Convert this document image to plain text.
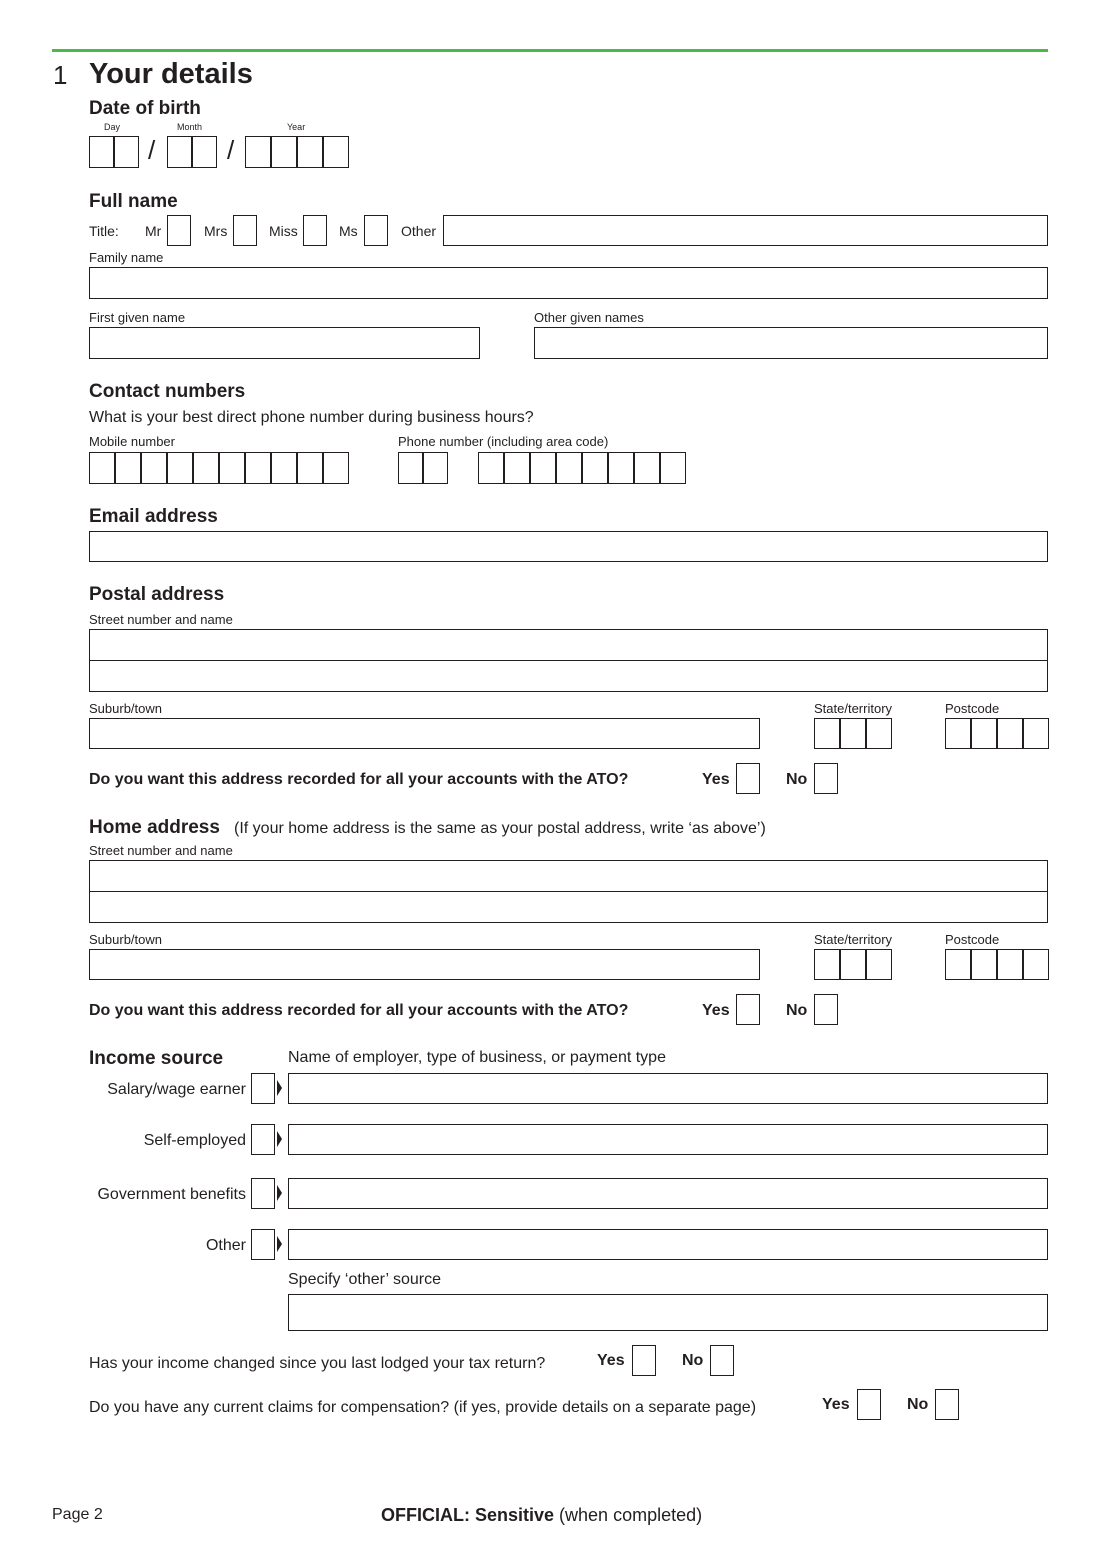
1 Your details
Date of birth
Day	Month	Year
/	/
Full name
Title: Mr	Mrs	Miss	Ms	Other
Family name
First given name	Other given names
Contact numbers
What is your best direct phone number during business hours?
Mobile number	Phone number (including area code)
Email address
Postal address
Street number and name
Suburb/town	State/territory	Postcode
Do you want this address recorded for all your accounts with the ATO?	Yes	No
Home address (If your home address is the same as your postal address, write ‘as above’)
Street number and name
Suburb/town	State/territory	Postcode
Do you want this address recorded for all your accounts with the ATO?	Yes	No
Income source	Name of employer, type of business, or payment type
Salary/wage earner
Self-employed
Government benefits
Other
Specify ‘other’ source
Has your income changed since you last lodged your tax return?	Yes	No
Do you have any current claims for compensation? (if yes, provide details on a separate page)	Yes	No
Page 2	OFFICIAL: Sensitive (when completed)
